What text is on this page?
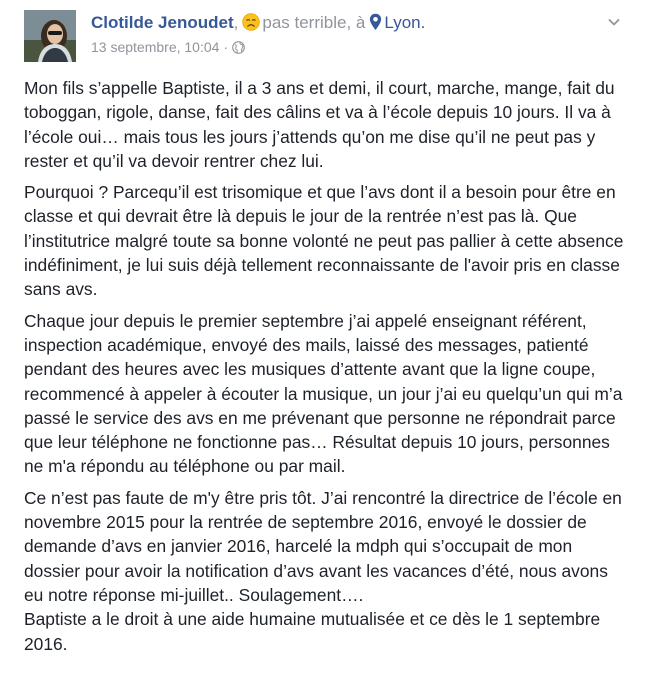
Clotilde Jenoudet, pas terrible, à Lyon.
13 septembre, 10:04 ·

Mon fils s’appelle Baptiste, il a 3 ans et demi, il court, marche, mange, fait du toboggan, rigole, danse, fait des câlins et va à l’école depuis 10 jours. Il va à l’école oui… mais tous les jours j’attends qu’on me dise qu’il ne peut pas y rester et qu’il va devoir rentrer chez lui.

Pourquoi ? Parcequ’il est trisomique et que l’avs dont il a besoin pour être en classe et qui devrait être là depuis le jour de la rentrée n’est pas là. Que l’institutrice malgré toute sa bonne volonté ne peut pas pallier à cette absence indéfiniment, je lui suis déjà tellement reconnaissante de l'avoir pris en classe sans avs.

Chaque jour depuis le premier septembre j’ai appelé enseignant référent, inspection académique, envoyé des mails, laissé des messages, patienté pendant des heures avec les musiques d’attente avant que la ligne coupe, recommencé à appeler à écouter la musique, un jour j’ai eu quelqu’un qui m’a passé le service des avs en me prévenant que personne ne répondrait parce que leur téléphone ne fonctionne pas… Résultat depuis 10 jours, personnes ne m'a répondu au téléphone ou par mail.

Ce n’est pas faute de m'y être pris tôt. J’ai rencontré la directrice de l’école en novembre 2015 pour la rentrée de septembre 2016, envoyé le dossier de demande d’avs en janvier 2016, harcelé la mdph qui s’occupait de mon dossier pour avoir la notification d’avs avant les vacances d’été, nous avons eu notre réponse mi-juillet.. Soulagement….

Baptiste a le droit à une aide humaine mutualisée et ce dès le 1 septembre 2016.
